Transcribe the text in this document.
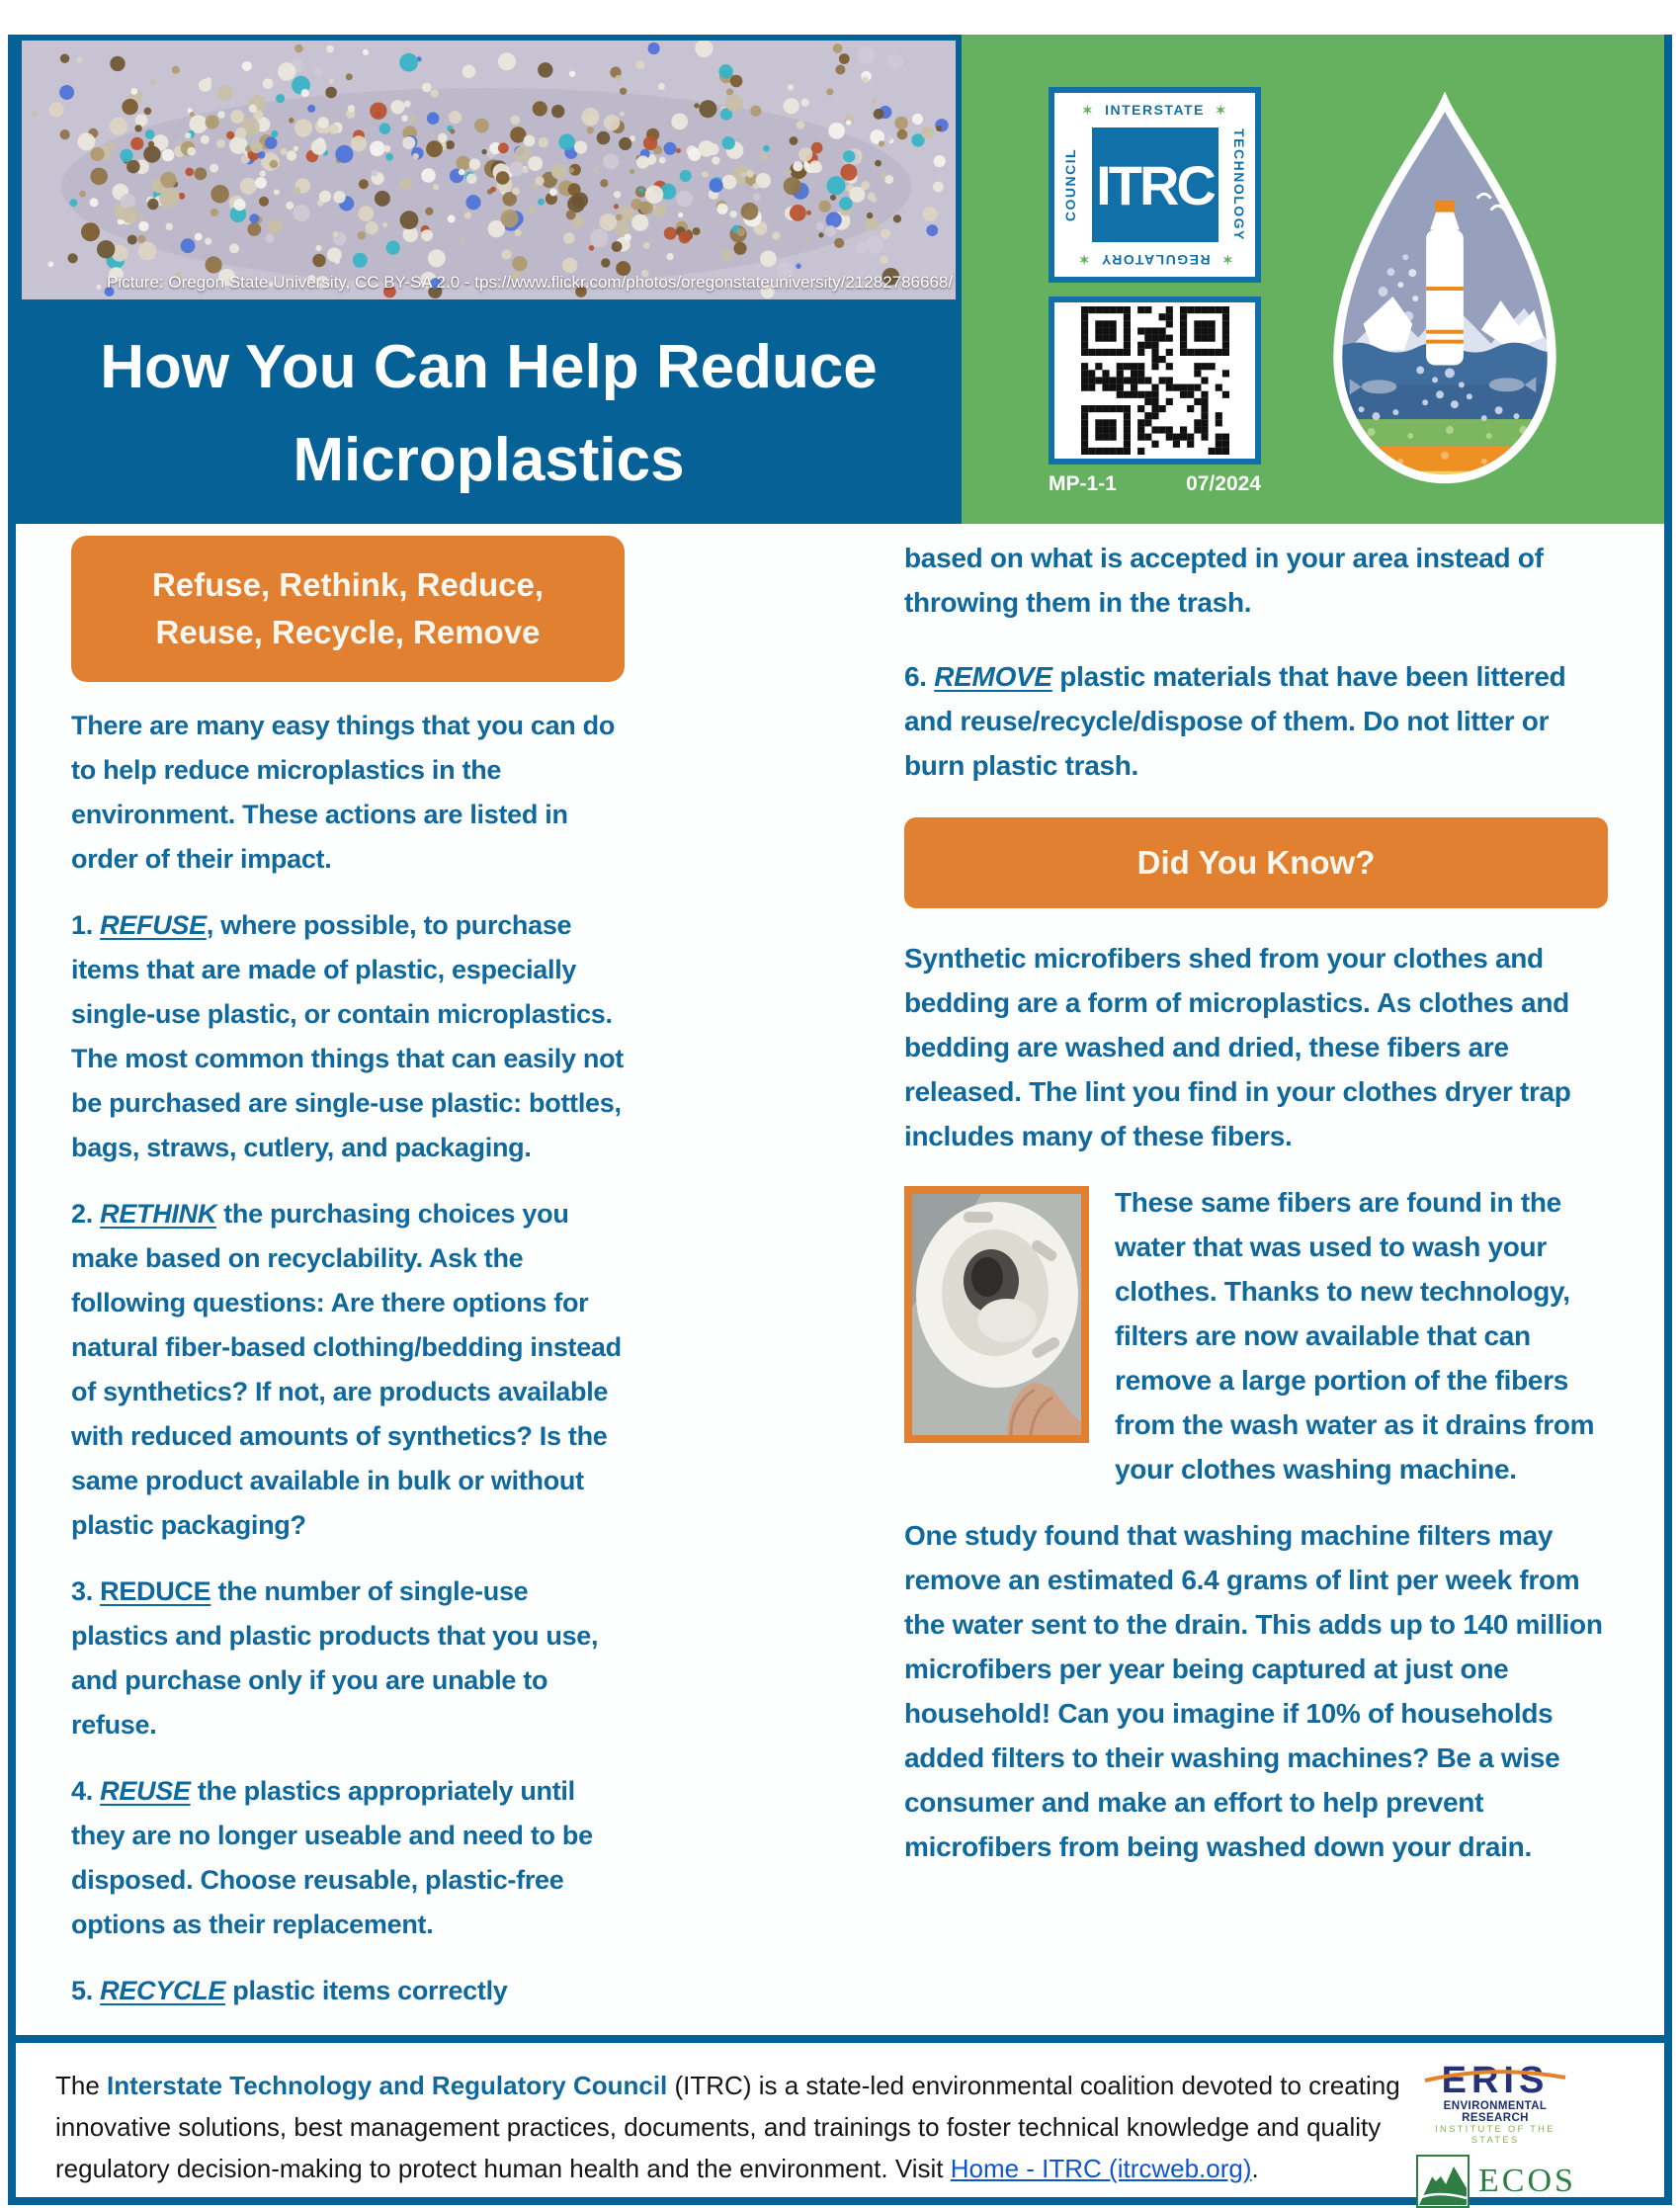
Picture: Oregon State University, CC BY-SA 2.0 - tps://www.flickr.com/photos/oregonstateuniversity/21282786668/
How You Can Help Reduce
Microplastics
✶ INTERSTATE ✶
✶  REGULATORY  ✶
COUNCIL	TECHNOLOGY
ITRC
MP-1-1	07/2024
Refuse, Rethink, Reduce, Reuse, Recycle, Remove

There are many easy things that you can do to help reduce microplastics in the environment. These actions are listed in order of their impact.

1. REFUSE, where possible, to purchase items that are made of plastic, especially single-use plastic, or contain microplastics. The most common things that can easily not be purchased are single-use plastic: bottles, bags, straws, cutlery, and packaging.

2. RETHINK the purchasing choices you make based on recyclability. Ask the following questions: Are there options for natural fiber-based clothing/bedding instead of synthetics? If not, are products available with reduced amounts of synthetics? Is the same product available in bulk or without plastic packaging?

3. REDUCE the number of single-use plastics and plastic products that you use, and purchase only if you are unable to refuse.

4. REUSE the plastics appropriately until they are no longer useable and need to be disposed. Choose reusable, plastic-free options as their replacement.

5. RECYCLE plastic items correctly

based on what is accepted in your area instead of throwing them in the trash.

6. REMOVE plastic materials that have been littered and reuse/recycle/dispose of them. Do not litter or burn plastic trash.

Did You Know?

Synthetic microfibers shed from your clothes and bedding are a form of microplastics. As clothes and bedding are washed and dried, these fibers are released. The lint you find in your clothes dryer trap includes many of these fibers.

These same fibers are found in the water that was used to wash your clothes. Thanks to new technology, filters are now available that can remove a large portion of the fibers from the wash water as it drains from your clothes washing machine.

One study found that washing machine filters may remove an estimated 6.4 grams of lint per week from the water sent to the drain. This adds up to 140 million microfibers per year being captured at just one household! Can you imagine if 10% of households added filters to their washing machines? Be a wise consumer and make an effort to help prevent microfibers from being washed down your drain.

The Interstate Technology and Regulatory Council (ITRC) is a state-led environmental coalition devoted to creating innovative solutions, best management practices, documents, and trainings to foster technical knowledge and quality regulatory decision-making to protect human health and the environment. Visit Home - ITRC (itrcweb.org).

ERIS
ENVIRONMENTAL RESEARCH
INSTITUTE OF THE STATES
ECOS
